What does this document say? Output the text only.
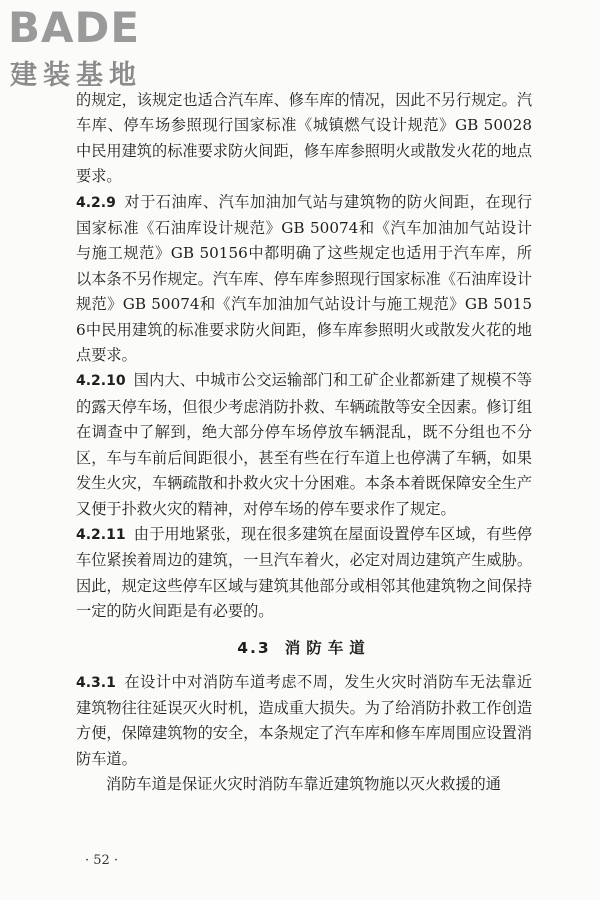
BADE
建装基地

的规定，该规定也适合汽车库、修车库的情况，因此不另行规定。汽车库、停车场参照现行国家标准《城镇燃气设计规范》GB 50028中民用建筑的标准要求防火间距，修车库参照明火或散发火花的地点要求。

4.2.9 对于石油库、汽车加油加气站与建筑物的防火间距，在现行国家标准《石油库设计规范》GB 50074和《汽车加油加气站设计与施工规范》GB 50156中都明确了这些规定也适用于汽车库，所以本条不另作规定。汽车库、停车库参照现行国家标准《石油库设计规范》GB 50074和《汽车加油加气站设计与施工规范》GB 50156中民用建筑的标准要求防火间距，修车库参照明火或散发火花的地点要求。

4.2.10 国内大、中城市公交运输部门和工矿企业都新建了规模不等的露天停车场，但很少考虑消防扑救、车辆疏散等安全因素。修订组在调查中了解到，绝大部分停车场停放车辆混乱，既不分组也不分区，车与车前后间距很小，甚至有些在行车道上也停满了车辆，如果发生火灾，车辆疏散和扑救火灾十分困难。本条本着既保障安全生产又便于扑救火灾的精神，对停车场的停车要求作了规定。

4.2.11 由于用地紧张，现在很多建筑在屋面设置停车区域，有些停车位紧挨着周边的建筑，一旦汽车着火，必定对周边建筑产生威胁。因此，规定这些停车区域与建筑其他部分或相邻其他建筑物之间保持一定的防火间距是有必要的。

4.3 消防车道

4.3.1 在设计中对消防车道考虑不周，发生火灾时消防车无法靠近建筑物往往延误灭火时机，造成重大损失。为了给消防扑救工作创造方便，保障建筑物的安全，本条规定了汽车库和修车库周围应设置消防车道。

消防车道是保证火灾时消防车靠近建筑物施以灭火救援的通

· 52 ·
